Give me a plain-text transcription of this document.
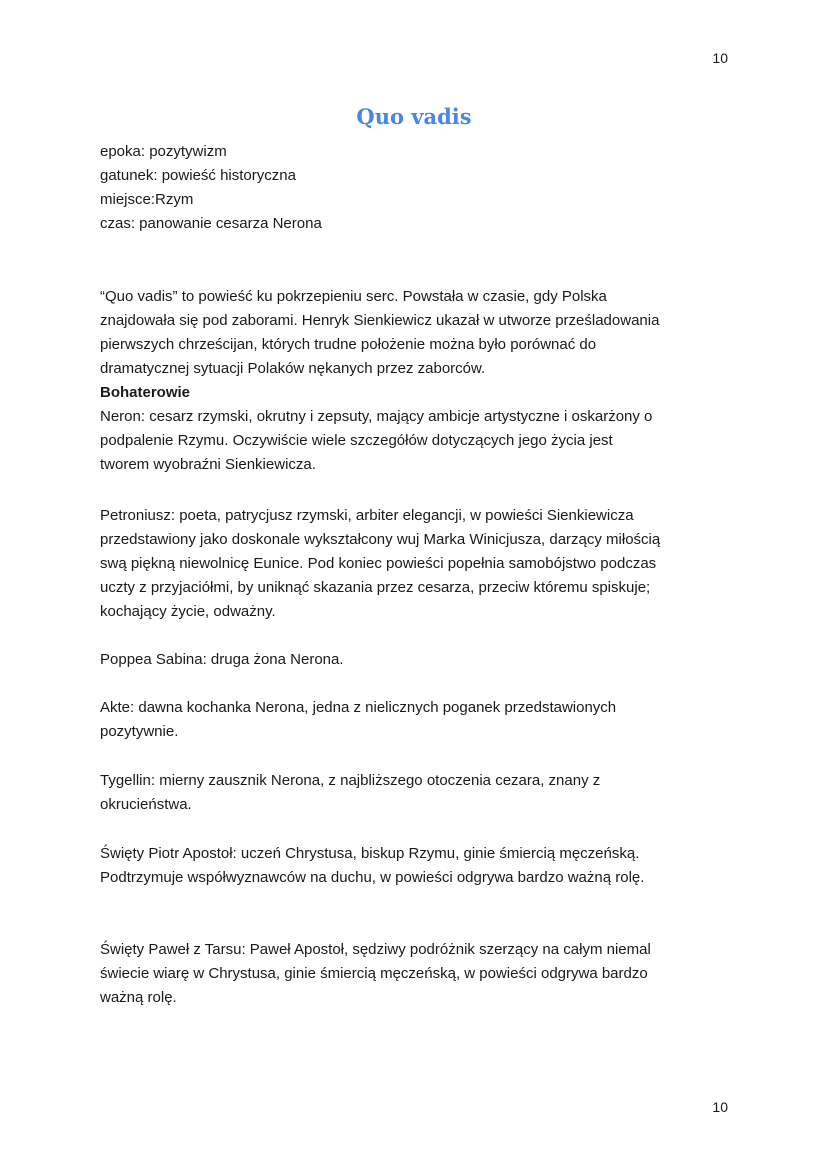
10
Quo vadis
epoka: pozytywizm
gatunek: powieść historyczna
miejsce:Rzym
czas: panowanie cesarza Nerona
“Quo vadis” to powieść ku pokrzepieniu serc. Powstała w czasie, gdy Polska
znajdowała się pod zaborami. Henryk Sienkiewicz ukazał w utworze prześladowania
pierwszych chrześcijan, których trudne położenie można było porównać do
dramatycznej sytuacji Polaków nękanych przez zaborców.
Bohaterowie
Neron: cesarz rzymski, okrutny i zepsuty, mający ambicje artystyczne i oskarżony o
podpalenie Rzymu. Oczywiście wiele szczegółów dotyczących jego życia jest
tworem wyobraźni Sienkiewicza.
Petroniusz: poeta, patrycjusz rzymski, arbiter elegancji, w powieści Sienkiewicza
przedstawiony jako doskonale wykształcony wuj Marka Winicjusza, darzący miłością
swą piękną niewolnicę Eunice. Pod koniec powieści popełnia samobójstwo podczas
uczty z przyjaciółmi, by uniknąć skazania przez cesarza, przeciw któremu spiskuje;
kochający życie, odważny.
Poppea Sabina: druga żona Nerona.
Akte: dawna kochanka Nerona, jedna z nielicznych poganek przedstawionych
pozytywnie.
Tygellin: mierny zausznik Nerona, z najbliższego otoczenia cezara, znany z
okrucieństwa.
Święty Piotr Apostoł: uczeń Chrystusa, biskup Rzymu, ginie śmiercią męczeńską.
Podtrzymuje współwyznawców na duchu, w powieści odgrywa bardzo ważną rolę.
Święty Paweł z Tarsu: Paweł Apostoł, sędziwy podróżnik szerzący na całym niemal
świecie wiarę w Chrystusa, ginie śmiercią męczeńską, w powieści odgrywa bardzo
ważną rolę.
10
